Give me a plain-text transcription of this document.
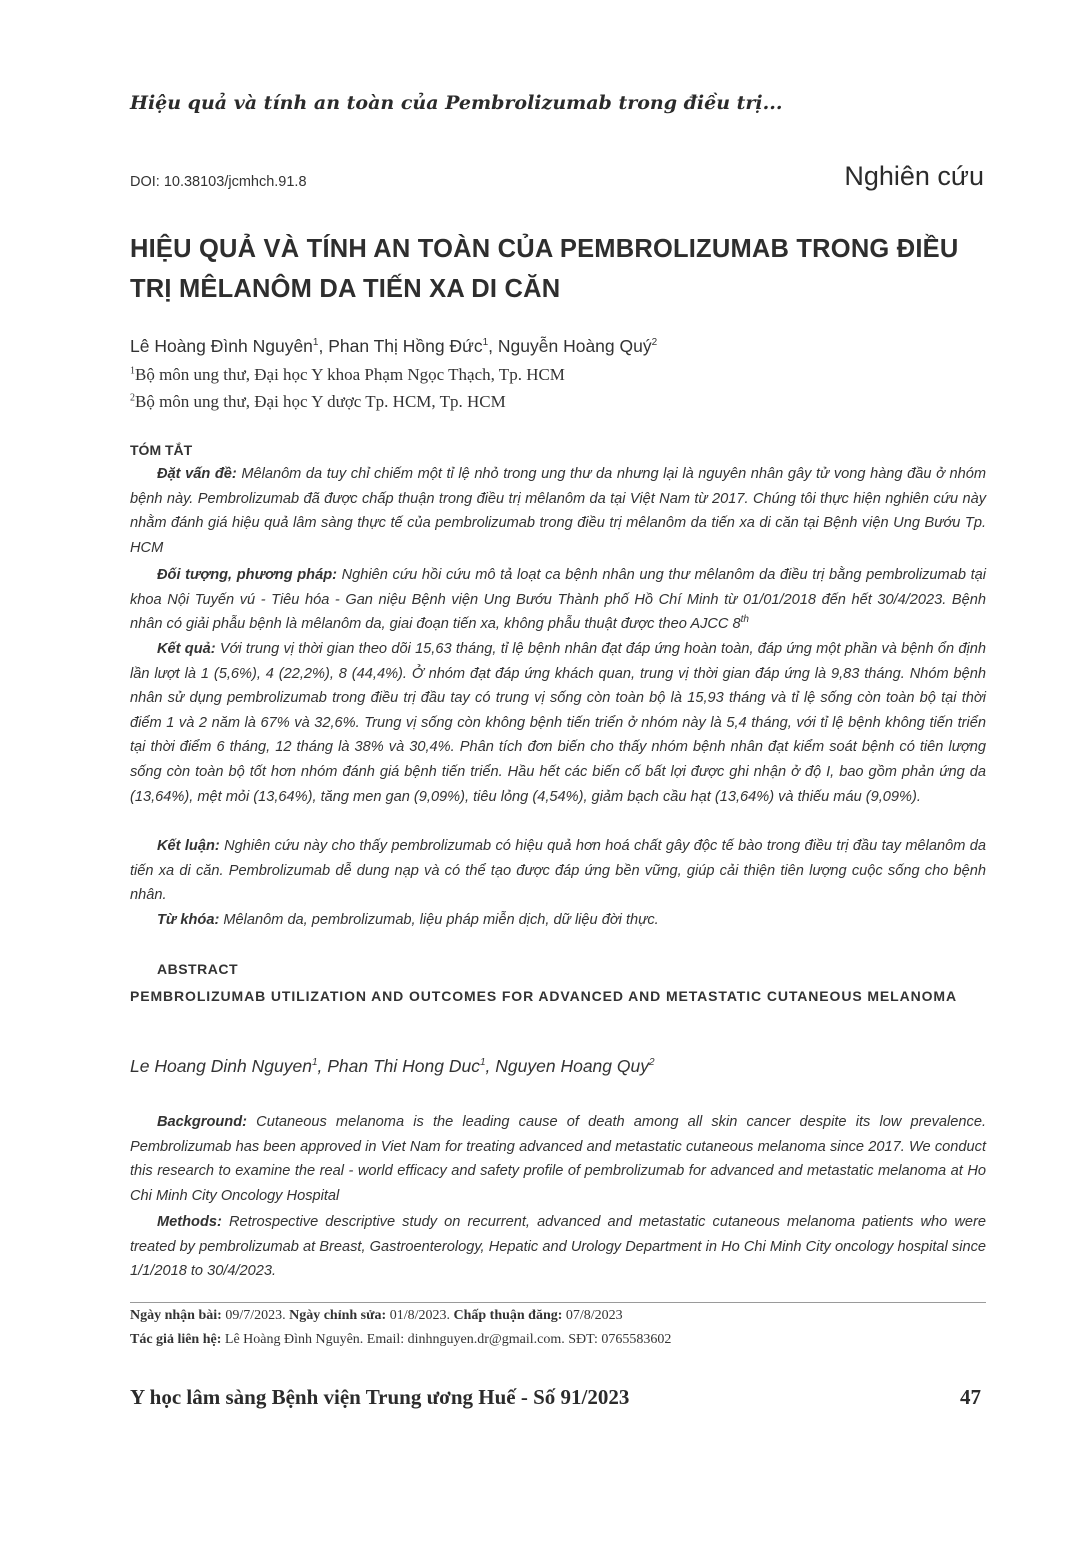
Hiệu quả và tính an toàn của Pembrolizumab trong điều trị...
DOI: 10.38103/jcmhch.91.8	Nghiên cứu
HIỆU QUẢ VÀ TÍNH AN TOÀN CỦA PEMBROLIZUMAB TRONG ĐIỀU TRỊ MÊLANÔM DA TIẾN XA DI CĂN
Lê Hoàng Đình Nguyên$^1$, Phan Thị Hồng Đức$^1$, Nguyễn Hoàng Quý$^2$
$^1$Bộ môn ung thư, Đại học Y khoa Phạm Ngọc Thạch, Tp. HCM
$^2$Bộ môn ung thư, Đại học Y dược Tp. HCM, Tp. HCM
TÓM TẮT

Đặt vấn đề: Mêlanôm da tuy chỉ chiếm một tỉ lệ nhỏ trong ung thư da nhưng lại là nguyên nhân gây tử vong hàng đầu ở nhóm bệnh này. Pembrolizumab đã được chấp thuận trong điều trị mêlanôm da tại Việt Nam từ 2017. Chúng tôi thực hiện nghiên cứu này nhằm đánh giá hiệu quả lâm sàng thực tế của pembrolizumab trong điều trị mêlanôm da tiến xa di căn tại Bệnh viện Ung Bướu Tp. HCM

Đối tượng, phương pháp: Nghiên cứu hồi cứu mô tả loạt ca bệnh nhân ung thư mêlanôm da điều trị bằng pembrolizumab tại khoa Nội Tuyến vú - Tiêu hóa - Gan niệu Bệnh viện Ung Bướu Thành phố Hồ Chí Minh từ 01/01/2018 đến hết 30/4/2023. Bệnh nhân có giải phẫu bệnh là mêlanôm da, giai đoạn tiến xa, không phẫu thuật được theo AJCC 8th

Kết quả: Với trung vị thời gian theo dõi 15,63 tháng, tỉ lệ bệnh nhân đạt đáp ứng hoàn toàn, đáp ứng một phần và bệnh ổn định lần lượt là 1 (5,6%), 4 (22,2%), 8 (44,4%). Ở nhóm đạt đáp ứng khách quan, trung vị thời gian đáp ứng là 9,83 tháng. Nhóm bệnh nhân sử dụng pembrolizumab trong điều trị đầu tay có trung vị sống còn toàn bộ là 15,93 tháng và tỉ lệ sống còn toàn bộ tại thời điểm 1 và 2 năm là 67% và 32,6%. Trung vị sống còn không bệnh tiến triển ở nhóm này là 5,4 tháng, với tỉ lệ bệnh không tiến triển tại thời điểm 6 tháng, 12 tháng là 38% và 30,4%. Phân tích đơn biến cho thấy nhóm bệnh nhân đạt kiểm soát bệnh có tiên lượng sống còn toàn bộ tốt hơn nhóm đánh giá bệnh tiến triển. Hầu hết các biến cố bất lợi được ghi nhận ở độ I, bao gồm phản ứng da (13,64%), mệt mỏi (13,64%), tăng men gan (9,09%), tiêu lỏng (4,54%), giảm bạch cầu hạt (13,64%) và thiếu máu (9,09%).

Kết luận: Nghiên cứu này cho thấy pembrolizumab có hiệu quả hơn hoá chất gây độc tế bào trong điều trị đầu tay mêlanôm da tiến xa di căn. Pembrolizumab dễ dung nạp và có thể tạo được đáp ứng bền vững, giúp cải thiện tiên lượng cuộc sống cho bệnh nhân.

Từ khóa: Mêlanôm da, pembrolizumab, liệu pháp miễn dịch, dữ liệu đời thực.

ABSTRACT
PEMBROLIZUMAB UTILIZATION AND OUTCOMES FOR ADVANCED AND METASTATIC CUTANEOUS MELANOMA
Le Hoang Dinh Nguyen$^1$, Phan Thi Hong Duc$^1$, Nguyen Hoang Quy$^2$

Background: Cutaneous melanoma is the leading cause of death among all skin cancer despite its low prevalence. Pembrolizumab has been approved in Viet Nam for treating advanced and metastatic cutaneous melanoma since 2017. We conduct this research to examine the real - world efficacy and safety profile of pembrolizumab for advanced and metastatic melanoma at Ho Chi Minh City Oncology Hospital

Methods: Retrospective descriptive study on recurrent, advanced and metastatic cutaneous melanoma patients who were treated by pembrolizumab at Breast, Gastroenterology, Hepatic and Urology Department in Ho Chi Minh City oncology hospital since 1/1/2018 to 30/4/2023.

Ngày nhận bài: 09/7/2023. Ngày chỉnh sửa: 01/8/2023. Chấp thuận đăng: 07/8/2023
Tác giả liên hệ: Lê Hoàng Đình Nguyên. Email: dinhnguyen.dr@gmail.com. SĐT: 0765583602
Y học lâm sàng Bệnh viện Trung ương Huế - Số 91/2023	47
